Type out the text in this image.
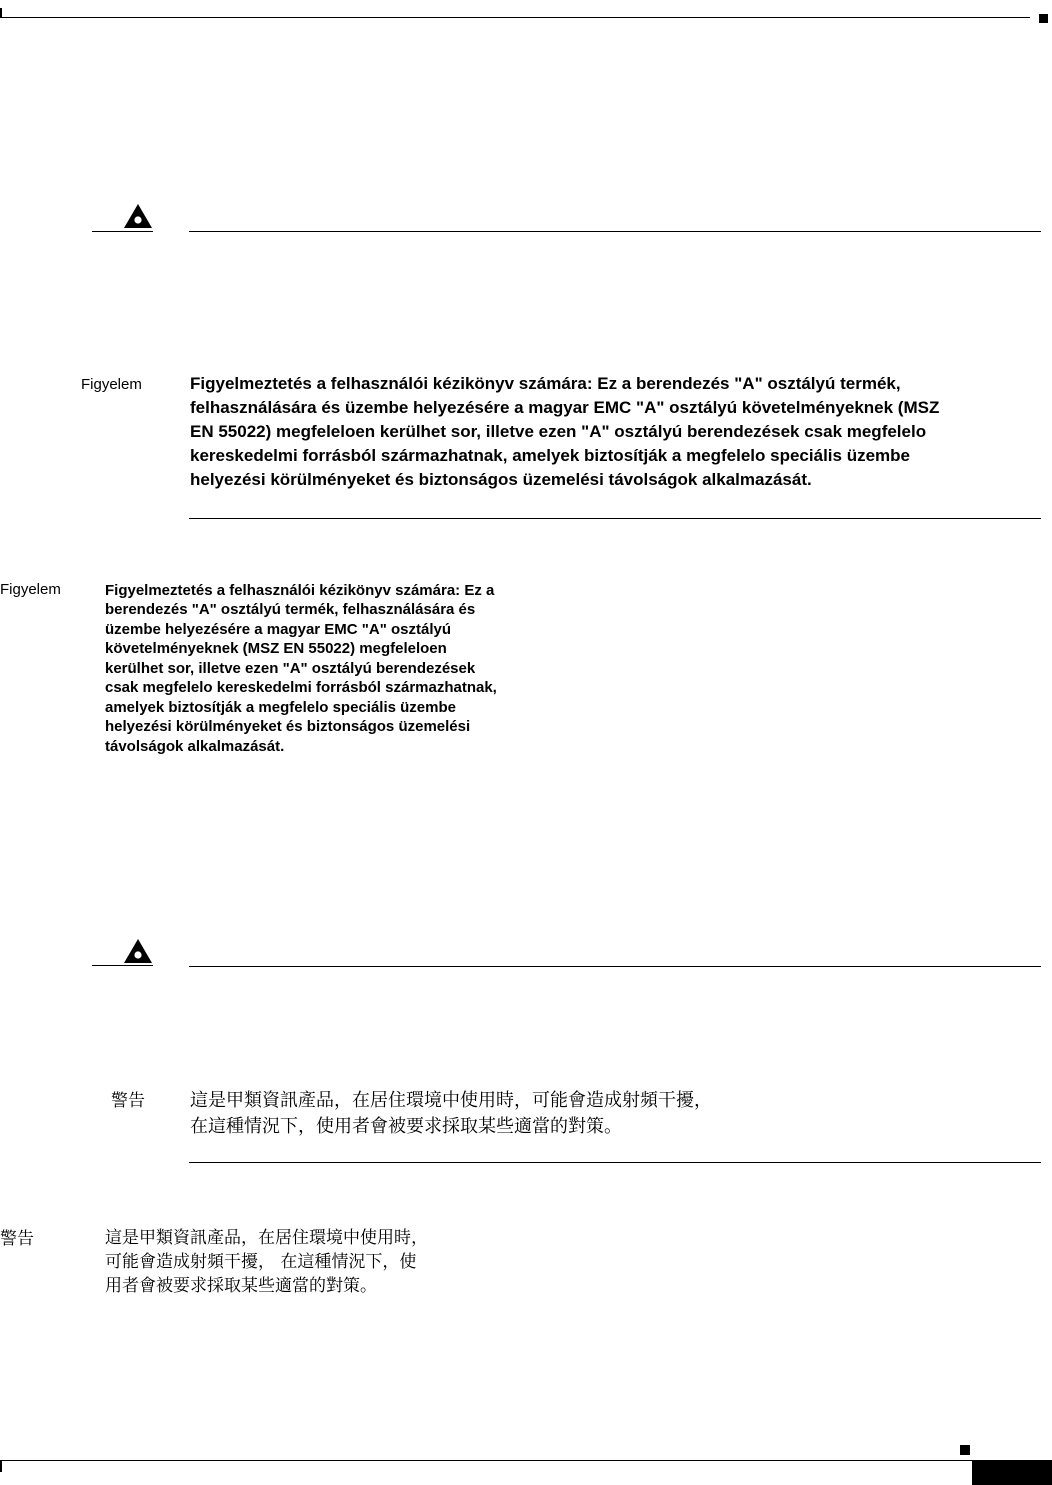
Figyelem	Figyelmeztetés a felhasználói kézikönyv számára: Ez a berendezés "A" osztályú termék,
felhasználására és üzembe helyezésére a magyar EMC "A" osztályú követelményeknek (MSZ
EN 55022) megfeleloen kerülhet sor, illetve ezen "A" osztályú berendezések csak megfelelo
kereskedelmi forrásból származhatnak, amelyek biztosítják a megfelelo speciális üzembe
helyezési körülményeket és biztonságos üzemelési távolságok alkalmazását.
Figyelem	Figyelmeztetés a felhasználói kézikönyv számára: Ez a
berendezés "A" osztályú termék, felhasználására és
üzembe helyezésére a magyar EMC "A" osztályú
követelményeknek (MSZ EN 55022) megfeleloen
kerülhet sor, illetve ezen "A" osztályú berendezések
csak megfelelo kereskedelmi forrásból származhatnak,
amelyek biztosítják a megfelelo speciális üzembe
helyezési körülményeket és biztonságos üzemelési
távolságok alkalmazását.
警告	這是甲類資訊產品，在居住環境中使用時，可能會造成射頻干擾，
在這種情況下，使用者會被要求採取某些適當的對策。
警告	這是甲類資訊產品，在居住環境中使用時，
可能會造成射頻干擾， 在這種情況下，使
用者會被要求採取某些適當的對策。
